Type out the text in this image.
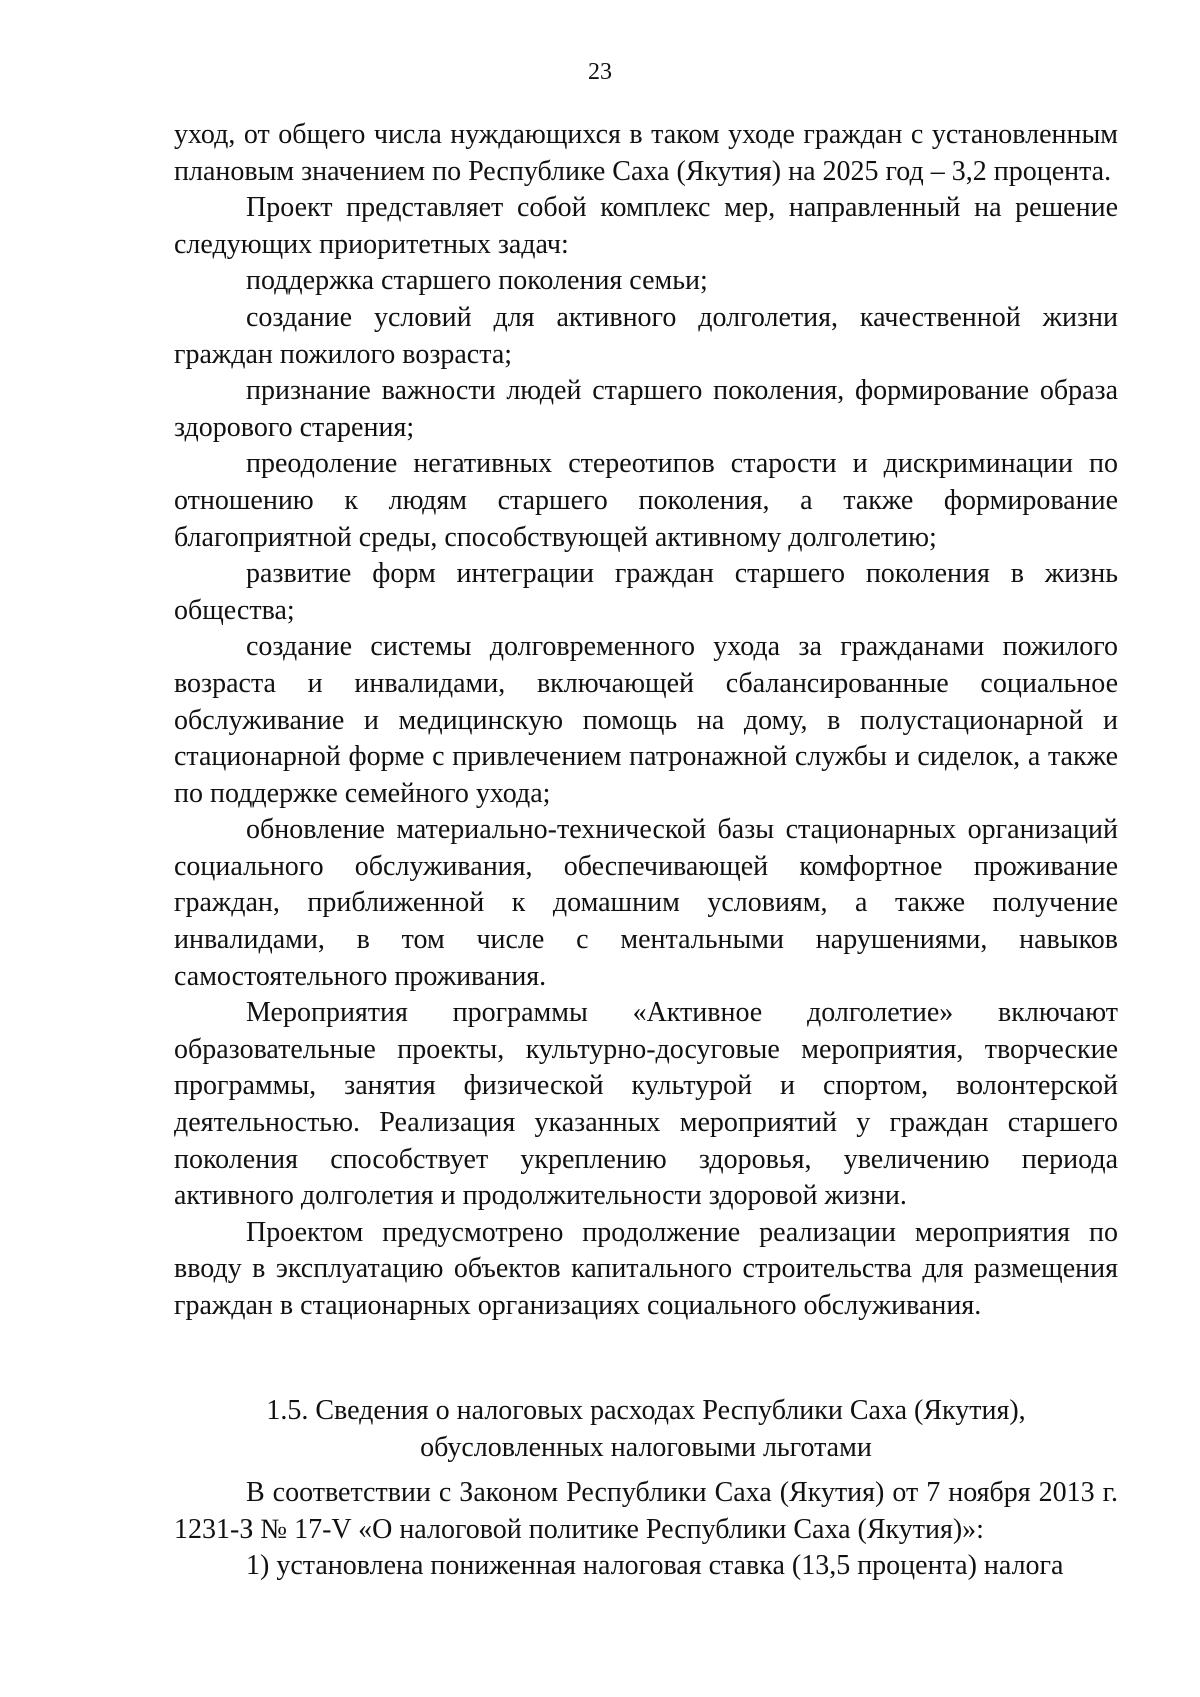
23

уход, от общего числа нуждающихся в таком уходе граждан с установленным плановым значением по Республике Саха (Якутия) на 2025 год – 3,2 процента.

Проект представляет собой комплекс мер, направленный на решение следующих приоритетных задач:

поддержка старшего поколения семьи;

создание условий для активного долголетия, качественной жизни граждан пожилого возраста;

признание важности людей старшего поколения, формирование образа здорового старения;

преодоление негативных стереотипов старости и дискриминации по отношению к людям старшего поколения, а также формирование благоприятной среды, способствующей активному долголетию;

развитие форм интеграции граждан старшего поколения в жизнь общества;

создание системы долговременного ухода за гражданами пожилого возраста и инвалидами, включающей сбалансированные социальное обслуживание и медицинскую помощь на дому, в полустационарной и стационарной форме с привлечением патронажной службы и сиделок, а также по поддержке семейного ухода;

обновление материально-технической базы стационарных организаций социального обслуживания, обеспечивающей комфортное проживание граждан, приближенной к домашним условиям, а также получение инвалидами, в том числе с ментальными нарушениями, навыков самостоятельного проживания.

Мероприятия программы «Активное долголетие» включают образовательные проекты, культурно-досуговые мероприятия, творческие программы, занятия физической культурой и спортом, волонтерской деятельностью. Реализация указанных мероприятий у граждан старшего поколения способствует укреплению здоровья, увеличению периода активного долголетия и продолжительности здоровой жизни.

Проектом предусмотрено продолжение реализации мероприятия по вводу в эксплуатацию объектов капитального строительства для размещения граждан в стационарных организациях социального обслуживания.

1.5. Сведения о налоговых расходах Республики Саха (Якутия),
обусловленных налоговыми льготами

В соответствии с Законом Республики Саха (Якутия) от 7 ноября 2013 г. 1231-З № 17-V «О налоговой политике Республики Саха (Якутия)»:

1) установлена пониженная налоговая ставка (13,5 процента) налога
